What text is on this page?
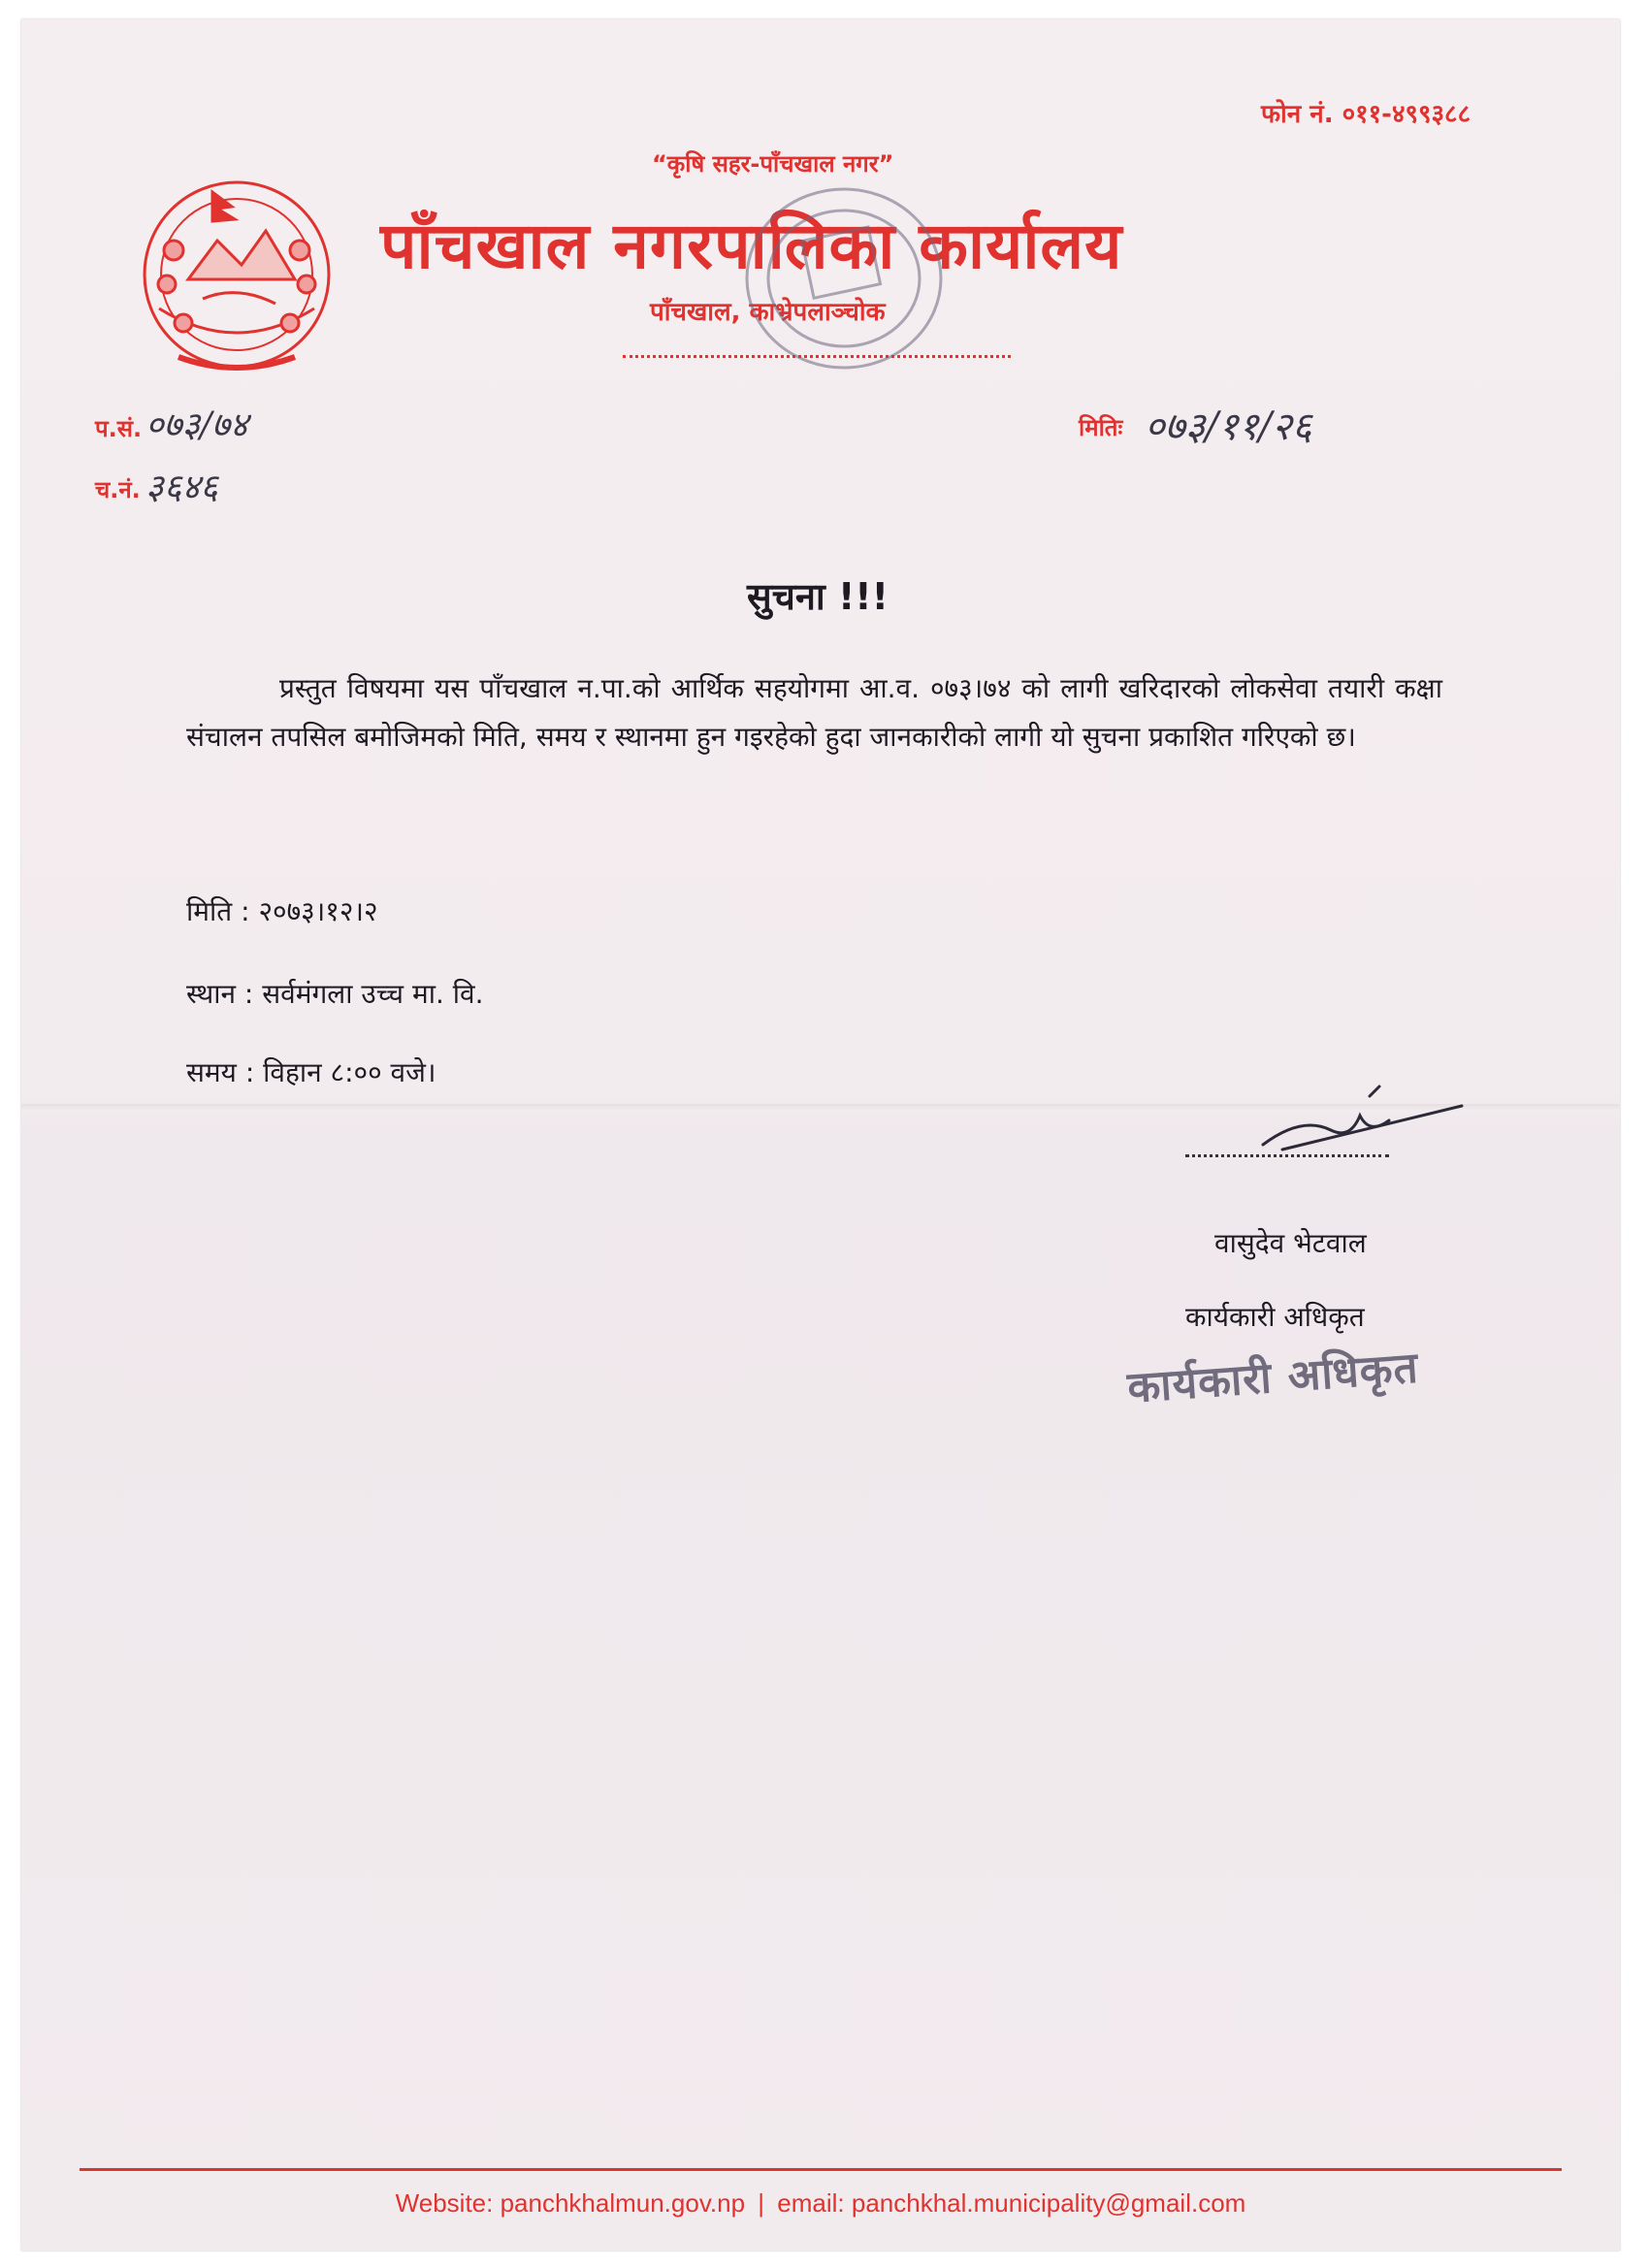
फोन नं. ०११-४९९३८८
“कृषि सहर-पाँचखाल नगर”
पाँचखाल नगरपालिका कार्यालय
पाँचखाल, काभ्रेपलाञ्चोक
प.सं. ०७३/७४
च.नं. ३६४६
मितिः ०७३/११/२६
सुचना !!!

प्रस्तुत विषयमा यस पाँचखाल न.पा.को आर्थिक सहयोगमा आ.व. ०७३।७४ को लागी खरिदारको लोकसेवा तयारी कक्षा संचालन तपसिल बमोजिमको मिति, समय र स्थानमा हुन गइरहेको हुदा जानकारीको लागी यो सुचना प्रकाशित गरिएको छ।

मिति : २०७३।१२।२
स्थान : सर्वमंगला उच्च मा. वि.
समय : विहान ८:०० वजे।
वासुदेव भेटवाल
कार्यकारी अधिकृत
कार्यकारी अधिकृत
Website: panchkhalmun.gov.np | email: panchkhal.municipality@gmail.com
